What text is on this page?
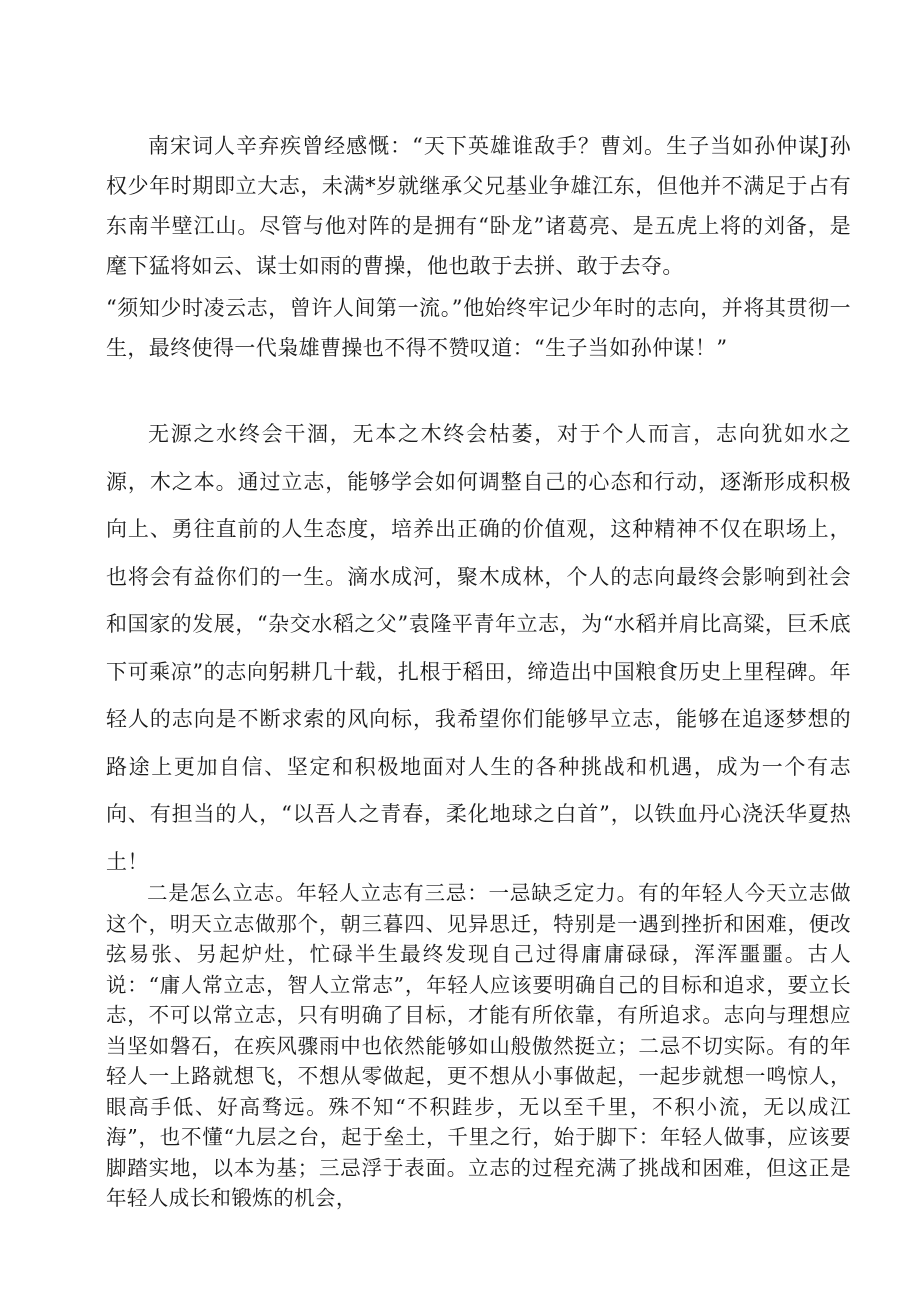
南宋词人辛弃疾曾经感慨：“天下英雄谁敌手？曹刘。生子当如孙仲谋J孙权少年时期即立大志，未满*岁就继承父兄基业争雄江东，但他并不满足于占有东南半壁江山。尽管与他对阵的是拥有“卧龙”诸葛亮、是五虎上将的刘备，是麾下猛将如云、谋士如雨的曹操，他也敢于去拼、敢于去夺。

“须知少时凌云志，曾许人间第一流。”他始终牢记少年时的志向，并将其贯彻一生，最终使得一代枭雄曹操也不得不赞叹道：“生子当如孙仲谋！”

无源之水终会干涸，无本之木终会枯萎，对于个人而言，志向犹如水之源，木之本。通过立志，能够学会如何调整自己的心态和行动，逐渐形成积极向上、勇往直前的人生态度，培养出正确的价值观，这种精神不仅在职场上，也将会有益你们的一生。滴水成河，聚木成林，个人的志向最终会影响到社会和国家的发展，“杂交水稻之父”袁隆平青年立志，为“水稻并肩比高粱，巨禾底下可乘凉”的志向躬耕几十载，扎根于稻田，缔造出中国粮食历史上里程碑。年轻人的志向是不断求索的风向标，我希望你们能够早立志，能够在追逐梦想的路途上更加自信、坚定和积极地面对人生的各种挑战和机遇，成为一个有志向、有担当的人，“以吾人之青春，柔化地球之白首”，以铁血丹心浇沃华夏热土！

二是怎么立志。年轻人立志有三忌：一忌缺乏定力。有的年轻人今天立志做这个，明天立志做那个，朝三暮四、见异思迁，特别是一遇到挫折和困难，便改弦易张、另起炉灶，忙碌半生最终发现自己过得庸庸碌碌，浑浑噩噩。古人说：“庸人常立志，智人立常志”，年轻人应该要明确自己的目标和追求，要立长志，不可以常立志，只有明确了目标，才能有所依靠，有所追求。志向与理想应当坚如磐石，在疾风骤雨中也依然能够如山般傲然挺立；二忌不切实际。有的年轻人一上路就想飞，不想从零做起，更不想从小事做起，一起步就想一鸣惊人，眼高手低、好高骛远。殊不知“不积跬步，无以至千里，不积小流，无以成江海”，也不懂“九层之台，起于垒土，千里之行，始于脚下：年轻人做事，应该要脚踏实地，以本为基；三忌浮于表面。立志的过程充满了挑战和困难，但这正是年轻人成长和锻炼的机会，
